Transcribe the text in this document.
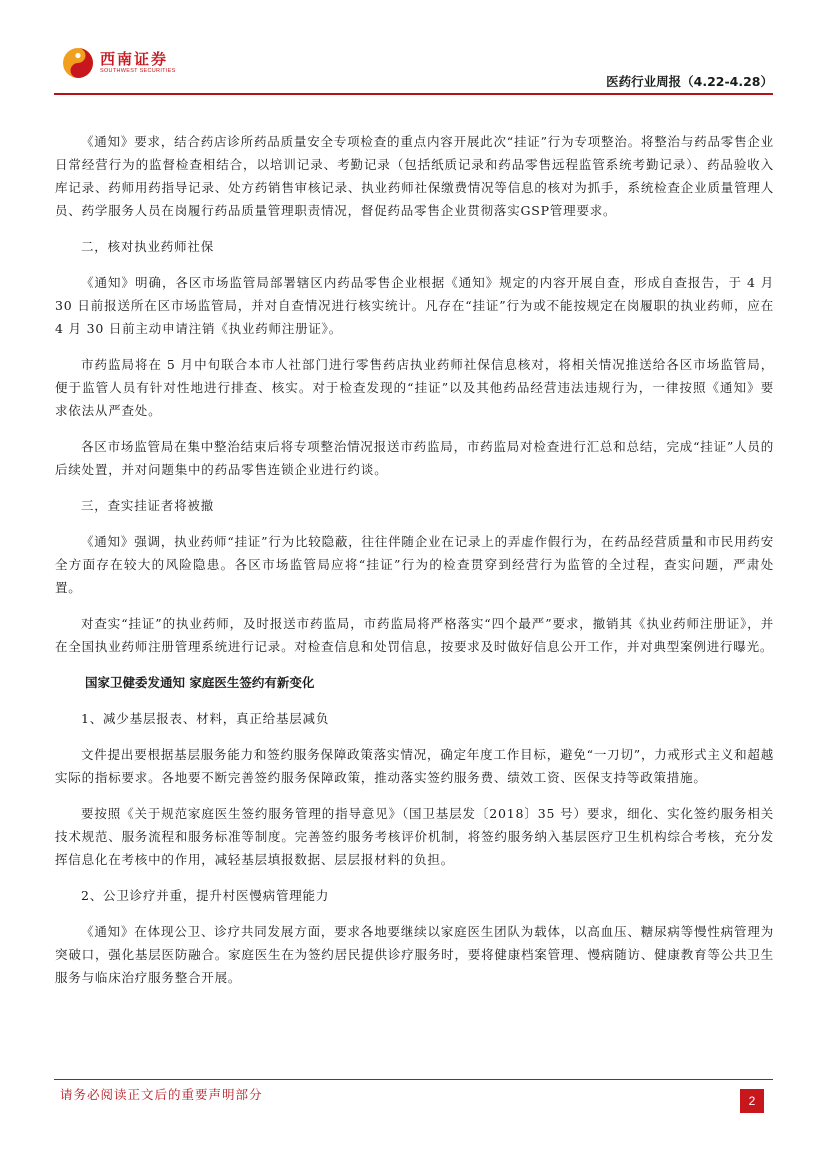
西南证券
SOUTHWEST SECURITIES
医药行业周报（4.22-4.28）

《通知》要求，结合药店诊所药品质量安全专项检查的重点内容开展此次“挂证”行为专项整治。将整治与药品零售企业日常经营行为的监督检查相结合，以培训记录、考勤记录（包括纸质记录和药品零售远程监管系统考勤记录）、药品验收入库记录、药师用药指导记录、处方药销售审核记录、执业药师社保缴费情况等信息的核对为抓手，系统检查企业质量管理人员、药学服务人员在岗履行药品质量管理职责情况，督促药品零售企业贯彻落实GSP管理要求。

二，核对执业药师社保

《通知》明确，各区市场监管局部署辖区内药品零售企业根据《通知》规定的内容开展自查，形成自查报告，于 4 月 30 日前报送所在区市场监管局，并对自查情况进行核实统计。凡存在“挂证”行为或不能按规定在岗履职的执业药师，应在 4 月 30 日前主动申请注销《执业药师注册证》。

市药监局将在 5 月中旬联合本市人社部门进行零售药店执业药师社保信息核对，将相关情况推送给各区市场监管局，便于监管人员有针对性地进行排查、核实。对于检查发现的“挂证”以及其他药品经营违法违规行为，一律按照《通知》要求依法从严查处。

各区市场监管局在集中整治结束后将专项整治情况报送市药监局，市药监局对检查进行汇总和总结，完成“挂证”人员的后续处置，并对问题集中的药品零售连锁企业进行约谈。

三，查实挂证者将被撤

《通知》强调，执业药师“挂证”行为比较隐蔽，往往伴随企业在记录上的弄虚作假行为，在药品经营质量和市民用药安全方面存在较大的风险隐患。各区市场监管局应将“挂证”行为的检查贯穿到经营行为监管的全过程，查实问题，严肃处置。

对查实“挂证”的执业药师，及时报送市药监局，市药监局将严格落实“四个最严”要求，撤销其《执业药师注册证》，并在全国执业药师注册管理系统进行记录。对检查信息和处罚信息，按要求及时做好信息公开工作，并对典型案例进行曝光。

国家卫健委发通知 家庭医生签约有新变化

1、减少基层报表、材料，真正给基层减负

文件提出要根据基层服务能力和签约服务保障政策落实情况，确定年度工作目标，避免“一刀切”，力戒形式主义和超越实际的指标要求。各地要不断完善签约服务保障政策，推动落实签约服务费、绩效工资、医保支持等政策措施。

要按照《关于规范家庭医生签约服务管理的指导意见》（国卫基层发〔2018〕35 号）要求，细化、实化签约服务相关技术规范、服务流程和服务标准等制度。完善签约服务考核评价机制，将签约服务纳入基层医疗卫生机构综合考核，充分发挥信息化在考核中的作用，减轻基层填报数据、层层报材料的负担。

2、公卫诊疗并重，提升村医慢病管理能力

《通知》在体现公卫、诊疗共同发展方面，要求各地要继续以家庭医生团队为载体，以高血压、糖尿病等慢性病管理为突破口，强化基层医防融合。家庭医生在为签约居民提供诊疗服务时，要将健康档案管理、慢病随访、健康教育等公共卫生服务与临床治疗服务整合开展。

请务必阅读正文后的重要声明部分	2
